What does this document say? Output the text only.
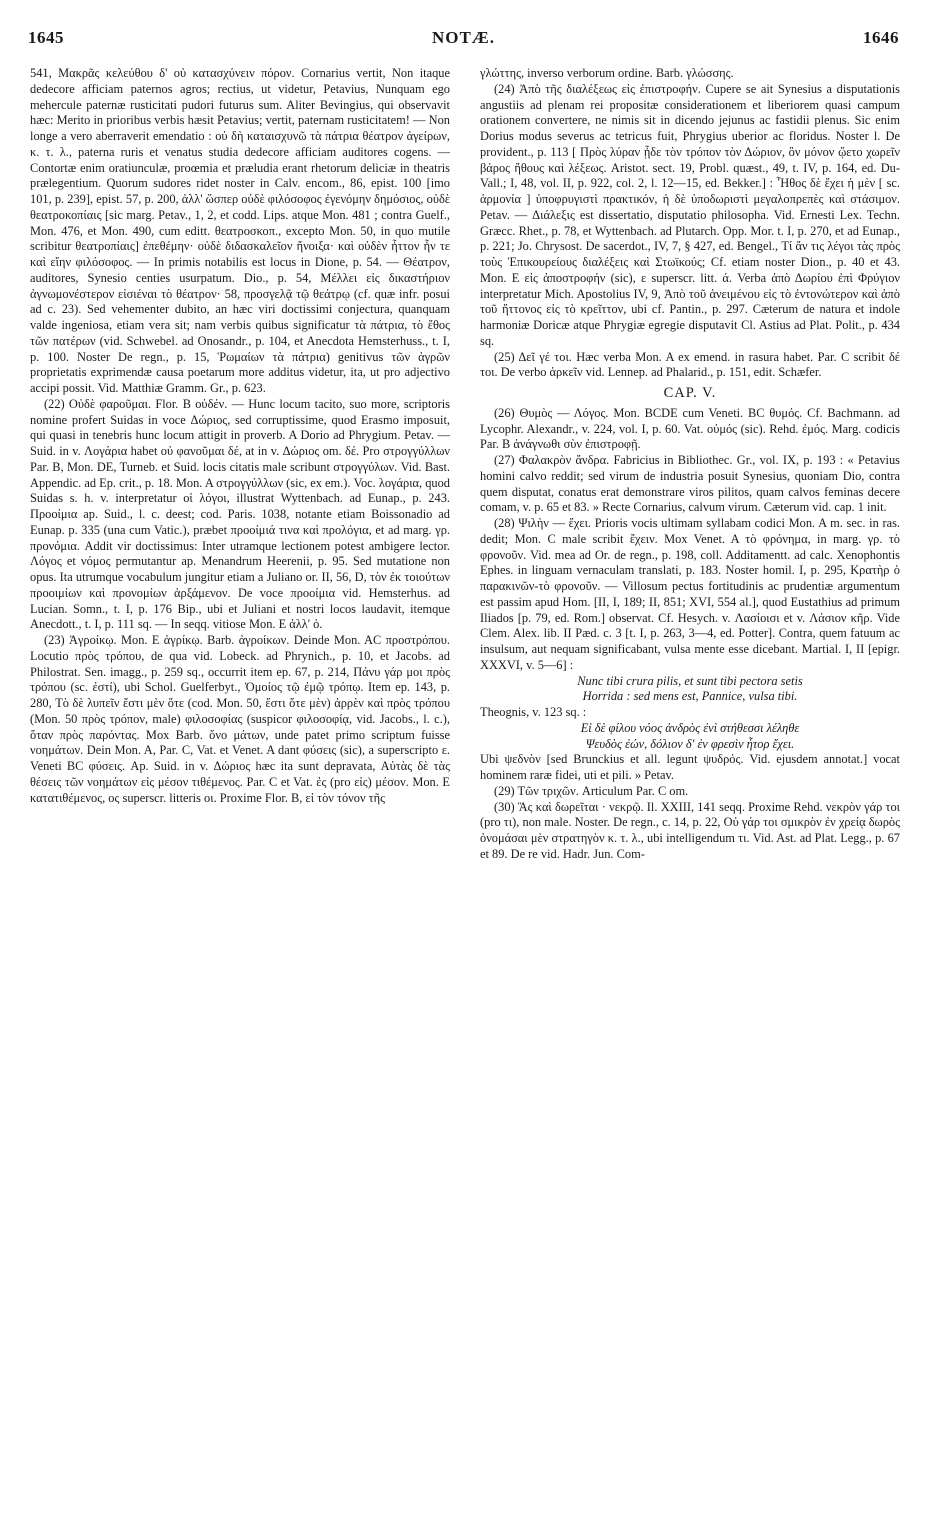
1645	NOTÆ.	1646

541, Μακρᾶς κελεύθου δ' οὐ κατασχύνειν πόρον. Cornarius vertit, Non itaque dedecore afficiam paternos agros; rectius, ut videtur, Petavius, Nunquam ego mehercule paternæ rusticitati pudori futurus sum. Aliter Bevingius, qui observavit hæc: Merito in prioribus verbis hæsit Petavius; vertit, paternam rusticitatem! — Non longe a vero aberraverit emendatio : οὐ δὴ καταισχυνῶ τὰ πάτρια θέατρον ἀγείρων, κ. τ. λ., paterna ruris et venatus studia dedecore afficiam auditores cogens. — Contortæ enim oratiunculæ, proœmia et præludia erant rhetorum deliciæ in theatris prælegentium. Quorum sudores ridet noster in Calv. encom., 86, epist. 100 [imo 101, p. 239], epist. 57, p. 200, ἀλλ' ὥσπερ οὐδὲ φιλόσοφος ἐγενόμην δημόσιος, οὐδὲ θεατροκοπίαις [sic marg. Petav., 1, 2, et codd. Lips. atque Mon. 481 ; contra Guelf., Mon. 476, et Mon. 490, cum editt. θεατροσκοπ., excepto Mon. 50, in quo mutile scribitur θεατροπίαις] ἐπεθέμην· οὐδὲ διδασκαλεῖον ἤνοιξα· καὶ οὐδὲν ἧττον ἦν τε καὶ εἴην φιλόσοφος. — In primis notabilis est locus in Dione, p. 54. — Θέατρον, auditores, Synesio centies usurpatum. Dio., p. 54, Μέλλει εἰς δικαστήριον ἀγνωμονέστερον εἰσιέναι τὸ θέατρον· 58, προσγελᾷ τῷ θεάτρῳ (cf. quæ infr. posui ad c. 23). Sed vehementer dubito, an hæc viri doctissimi conjectura, quanquam valde ingeniosa, etiam vera sit; nam verbis quibus significatur τὰ πάτρια, τὸ ἔθος τῶν πατέρων (vid. Schwebel. ad Onosandr., p. 104, et Anecdota Hemsterhuss., t. I, p. 100. Noster De regn., p. 15, Ῥωμαίων τὰ πάτρια) genitivus τῶν ἀγρῶν proprietatis exprimendæ causa poetarum more additus videtur, ita, ut pro adjectivo accipi possit. Vid. Matthiæ Gramm. Gr., p. 623.

(22) Οὐδὲ φαροῦμαι. Flor. B οὐδέν. — Hunc locum tacito, suo more, scriptoris nomine profert Suidas in voce Δώριος, sed corruptissime, quod Erasmo imposuit, qui quasi in tenebris hunc locum attigit in proverb. A Dorio ad Phrygium. Petav. — Suid. in v. Λογάρια habet οὐ φανοῦμαι δέ, at in v. Δώριος om. δέ. Pro στρογγύλλων Par. B, Mon. DE, Turneb. et Suid. locis citatis male scribunt στρογγύλων. Vid. Bast. Appendic. ad Ep. crit., p. 18. Mon. A στρογγύλλων (sic, ex em.). Voc. λογάρια, quod Suidas s. h. v. interpretatur οἱ λόγοι, illustrat Wyttenbach. ad Eunap., p. 243. Προοίμια ap. Suid., l. c. deest; cod. Paris. 1038, notante etiam Boissonadio ad Eunap. p. 335 (una cum Vatic.), præbet προοίμιά τινα καὶ προλόγια, et ad marg. γρ. προνόμια. Addit vir doctissimus: Inter utramque lectionem potest ambigere lector. Λόγος et νόμος permutantur ap. Menandrum Heerenii, p. 95. Sed mutatione non opus. Ita utrumque vocabulum jungitur etiam a Juliano or. II, 56, D, τὸν ἐκ τοιούτων προοιμίων καὶ προνομίων ἀρξάμενον. De voce προοίμια vid. Hemsterhus. ad Lucian. Somn., t. I, p. 176 Bip., ubi et Juliani et nostri locos laudavit, itemque Anecdott., t. I, p. 111 sq. — In seqq. vitiose Mon. E ἀλλ' ὁ.

(23) Ἀγροίκῳ. Mon. E ἀγρίκῳ. Barb. ἀγροίκων. Deinde Mon. AC προστρόπου. Locutio πρὸς τρόπου, de qua vid. Lobeck. ad Phrynich., p. 10, et Jacobs. ad Philostrat. Sen. imagg., p. 259 sq., occurrit item ep. 67, p. 214, Πάνυ γάρ μοι πρὸς τρόπου (sc. ἐστί), ubi Schol. Guelferbyt., Ὁμοίος τῷ ἐμῷ τρόπῳ. Item ep. 143, p. 280, Τὸ δὲ λυπεῖν ἔστι μὲν ὅτε (cod. Mon. 50, ἔστι ὅτε μὲν) ἀρρὲν καὶ πρὸς τρόπου (Mon. 50 πρὸς τρόπον, male) φιλοσοφίας (suspicor φιλοσοφίᾳ, vid. Jacobs., l. c.), ὅταν πρὸς παρόντας. Mox Barb. ὄνο μάτων, unde patet primo scriptum fuisse νοημάτων. Dein Mon. A, Par. C, Vat. et Venet. A dant φύσεις (sic), a superscripto ε. Veneti BC φύσεις. Ap. Suid. in v. Δώριος hæc ita sunt depravata, Αὐτὰς δὲ τὰς θέσεις τῶν νοημάτων εἰς μέσον τιθέμενος. Par. C et Vat. ἐς (pro εἰς) μέσον. Mon. E κατατιθέμενος, ος superscr. litteris οι. Proxime Flor. B, εἰ τὸν τόνον τῆς

γλώττης, inverso verborum ordine. Barb. γλώσσης.

(24) Ἀπὸ τῆς διαλέξεως εἰς ἐπιστροφήν. Cupere se ait Synesius a disputationis angustiis ad plenam rei propositæ considerationem et liberiorem quasi campum orationem convertere, ne nimis sit in dicendo jejunus ac fastidii plenus. Sic enim Dorius modus severus ac tetricus fuit, Phrygius uberior ac floridus. Noster l. De provident., p. 113 [ Πρὸς λύραν ᾖδε τὸν τρόπον τὸν Δώριον, ὃν μόνον ᾤετο χωρεῖν βάρος ἤθους καὶ λέξεως. Aristot. sect. 19, Probl. quæst., 49, t. IV, p. 164, ed. Du-Vall.; I, 48, vol. II, p. 922, col. 2, l. 12—15, ed. Bekker.] : Ἦθος δὲ ἔχει ἡ μὲν [ sc. ἁρμονία ] ὑποφρυγιστὶ πρακτικόν, ἡ δὲ ὑποδωριστὶ μεγαλοπρεπὲς καὶ στάσιμον. Petav. — Διάλεξις est dissertatio, disputatio philosopha. Vid. Ernesti Lex. Techn. Græcc. Rhet., p. 78, et Wyttenbach. ad Plutarch. Opp. Mor. t. I, p. 270, et ad Eunap., p. 221; Jo. Chrysost. De sacerdot., IV, 7, § 427, ed. Bengel., Τί ἄν τις λέγοι τὰς πρὸς τοὺς Ἐπικουρείους διαλέξεις καὶ Στωϊκούς; Cf. etiam noster Dion., p. 40 et 43. Mon. E εἰς ἀποστροφήν (sic), ε superscr. litt. ά. Verba ἀπὸ Δωρίου ἐπὶ Φρύγιον interpretatur Mich. Apostolius IV, 9, Ἀπὸ τοῦ ἀνειμένου εἰς τὸ ἐντονώτερον καὶ ἀπὸ τοῦ ἥττονος εἰς τὸ κρεῖττον, ubi cf. Pantin., p. 297. Cæterum de natura et indole harmoniæ Doricæ atque Phrygiæ egregie disputavit Cl. Astius ad Plat. Polit., p. 434 sq.

(25) Δεῖ γέ τοι. Hæc verba Mon. A ex emend. in rasura habet. Par. C scribit δέ τοι. De verbo ἀρκεῖν vid. Lennep. ad Phalarid., p. 151, edit. Schæfer.

CAP. V.

(26) Θυμὸς — Λόγος. Mon. BCDE cum Veneti. BC θυμός. Cf. Bachmann. ad Lycophr. Alexandr., v. 224, vol. I, p. 60. Vat. οὐμός (sic). Rehd. ἐμός. Marg. codicis Par. B ἀνάγνωθι σὺν ἐπιστροφῇ.

(27) Φαλακρὸν ἄνδρα. Fabricius in Bibliothec. Gr., vol. IX, p. 193 : « Petavius homini calvo reddit; sed virum de industria posuit Synesius, quoniam Dio, contra quem disputat, conatus erat demonstrare viros pilitos, quam calvos feminas decere comam, v. p. 65 et 83. » Recte Cornarius, calvum virum. Cæterum vid. cap. 1 init.

(28) Ψιλὴν — ἔχει. Prioris vocis ultimam syllabam codici Mon. A m. sec. in ras. dedit; Mon. C male scribit ἔχειν. Mox Venet. A τὸ φρόνημα, in marg. γρ. τὸ φρονοῦν. Vid. mea ad Or. de regn., p. 198, coll. Additamentt. ad calc. Xenophontis Ephes. in linguam vernaculam translati, p. 183. Noster homil. I, p. 295, Κρατὴρ ὁ παρακινῶν-τὸ φρονοῦν. — Villosum pectus fortitudinis ac prudentiæ argumentum est passim apud Hom. [II, I, 189; II, 851; XVI, 554 al.], quod Eustathius ad primum Iliados [p. 79, ed. Rom.] observat. Cf. Hesych. v. Λασίοισι et v. Λάσιον κῆρ. Vide Clem. Alex. lib. II Pæd. c. 3 [t. I, p. 263, 3—4, ed. Potter]. Contra, quem fatuum ac insulsum, aut nequam significabant, vulsa mente esse dicebant. Martial. I, II [epigr. XXXVI, v. 5—6] :

Nunc tibi crura pilis, et sunt tibi pectora setis
Horrida : sed mens est, Pannice, vulsa tibi.

Theognis, v. 123 sq. :

Εἰ δὲ φίλου νόος ἀνδρὸς ἐνὶ στήθεσσι λέληθε
Ψευδὸς ἐών, δόλιον δ' ἐν φρεσὶν ἦτορ ἔχει.

Ubi ψεδνὸν [sed Brunckius et all. legunt ψυδρός. Vid. ejusdem annotat.] vocat hominem raræ fidei, uti et pili. » Petav.

(29) Τῶν τριχῶν. Articulum Par. C om.

(30) Ἃς καὶ δωρεῖται · νεκρῷ. Il. XXIII, 141 seqq. Proxime Rehd. νεκρὸν γάρ τοι (pro τι), non male. Noster. De regn., c. 14, p. 22, Οὐ γάρ τοι σμικρὸν ἐν χρείᾳ δωρὸς ὀνομάσαι μὲν στρατηγὸν κ. τ. λ., ubi intelligendum τι. Vid. Ast. ad Plat. Legg., p. 67 et 89. De re vid. Hadr. Jun. Com-
